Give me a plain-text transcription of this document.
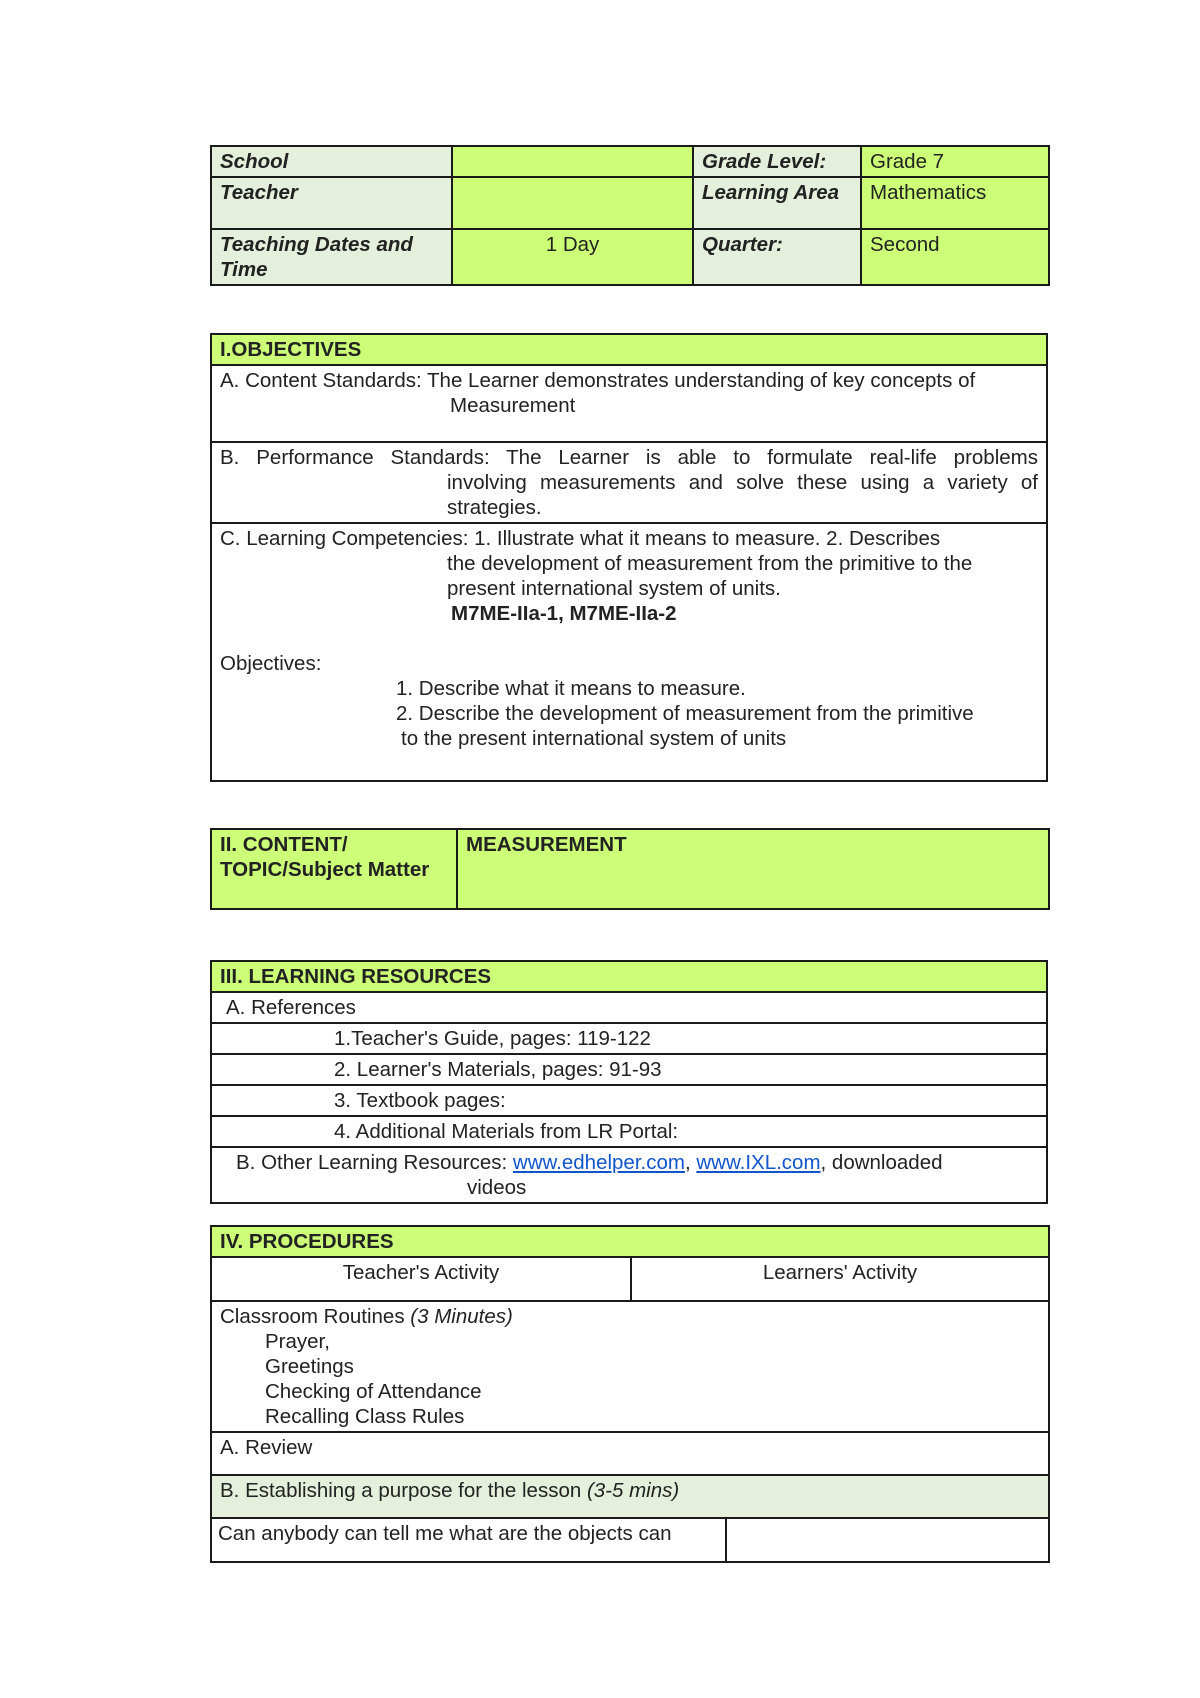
School		Grade Level:	Grade 7
Teacher		Learning Area	Mathematics
Teaching Dates and Time	1 Day	Quarter:	Second
I.OBJECTIVES

A. Content Standards: The Learner demonstrates understanding of key concepts of
Measurement

B. Performance Standards: The Learner is able to formulate real-life problems
involving measurements and solve these using a variety of
strategies.

C. Learning Competencies: 1. Illustrate what it means to measure. 2. Describes
the development of measurement from the primitive to the
present international system of units.
M7ME-IIa-1, M7ME-IIa-2
Objectives:
1. Describe what it means to measure.
2. Describe the development of measurement from the primitive
to the present international system of units
II. CONTENT/ TOPIC/Subject Matter	MEASUREMENT
III. LEARNING RESOURCES
A. References
1.Teacher's Guide, pages: 119-122
2. Learner's Materials, pages: 91-93
3. Textbook pages:
4. Additional Materials from LR Portal:

B. Other Learning Resources: www.edhelper.com, www.IXL.com, downloaded
videos
IV. PROCEDURES
Teacher's Activity	Learners' Activity

Classroom Routines (3 Minutes)
Prayer,
Greetings
Checking of Attendance
Recalling Class Rules

A. Review
B. Establishing a purpose for the lesson (3-5 mins)
Can anybody can tell me what are the objects can	
